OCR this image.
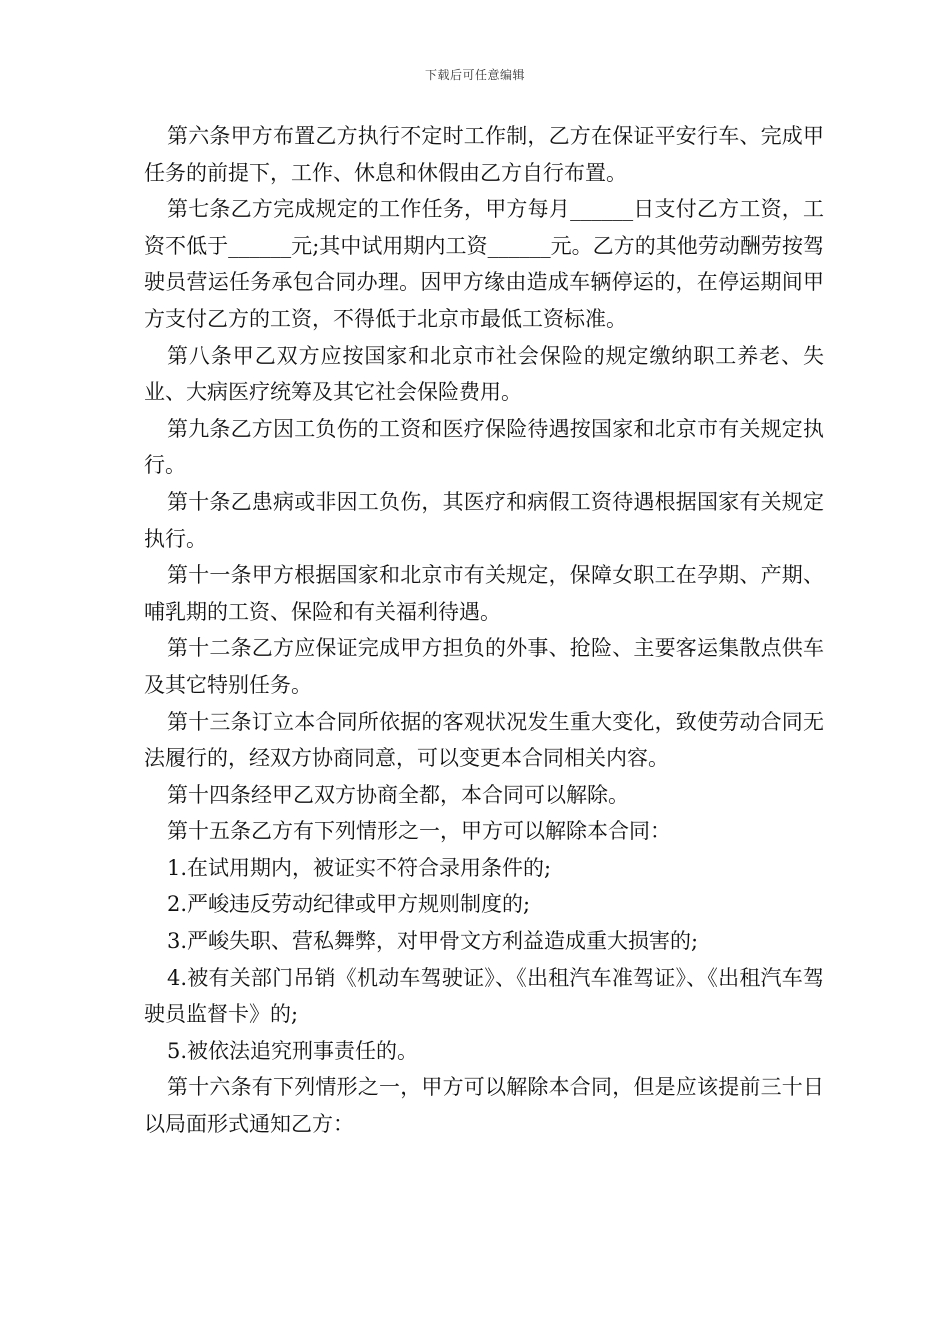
下载后可任意编辑

第六条甲方布置乙方执行不定时工作制，乙方在保证平安行车、完成甲任务的前提下，工作、休息和休假由乙方自行布置。

第七条乙方完成规定的工作任务，甲方每月______日支付乙方工资，工资不低于______元;其中试用期内工资______元。乙方的其他劳动酬劳按驾驶员营运任务承包合同办理。因甲方缘由造成车辆停运的，在停运期间甲方支付乙方的工资，不得低于北京市最低工资标准。

第八条甲乙双方应按国家和北京市社会保险的规定缴纳职工养老、失业、大病医疗统筹及其它社会保险费用。

第九条乙方因工负伤的工资和医疗保险待遇按国家和北京市有关规定执行。

第十条乙患病或非因工负伤，其医疗和病假工资待遇根据国家有关规定执行。

第十一条甲方根据国家和北京市有关规定，保障女职工在孕期、产期、哺乳期的工资、保险和有关福利待遇。

第十二条乙方应保证完成甲方担负的外事、抢险、主要客运集散点供车及其它特别任务。

第十三条订立本合同所依据的客观状况发生重大变化，致使劳动合同无法履行的，经双方协商同意，可以变更本合同相关内容。

第十四条经甲乙双方协商全都，本合同可以解除。

第十五条乙方有下列情形之一，甲方可以解除本合同：

1.在试用期内，被证实不符合录用条件的;

2.严峻违反劳动纪律或甲方规则制度的;

3.严峻失职、营私舞弊，对甲骨文方利益造成重大损害的;

4.被有关部门吊销《机动车驾驶证》、《出租汽车准驾证》、《出租汽车驾驶员监督卡》的;

5.被依法追究刑事责任的。

第十六条有下列情形之一，甲方可以解除本合同，但是应该提前三十日以局面形式通知乙方：
